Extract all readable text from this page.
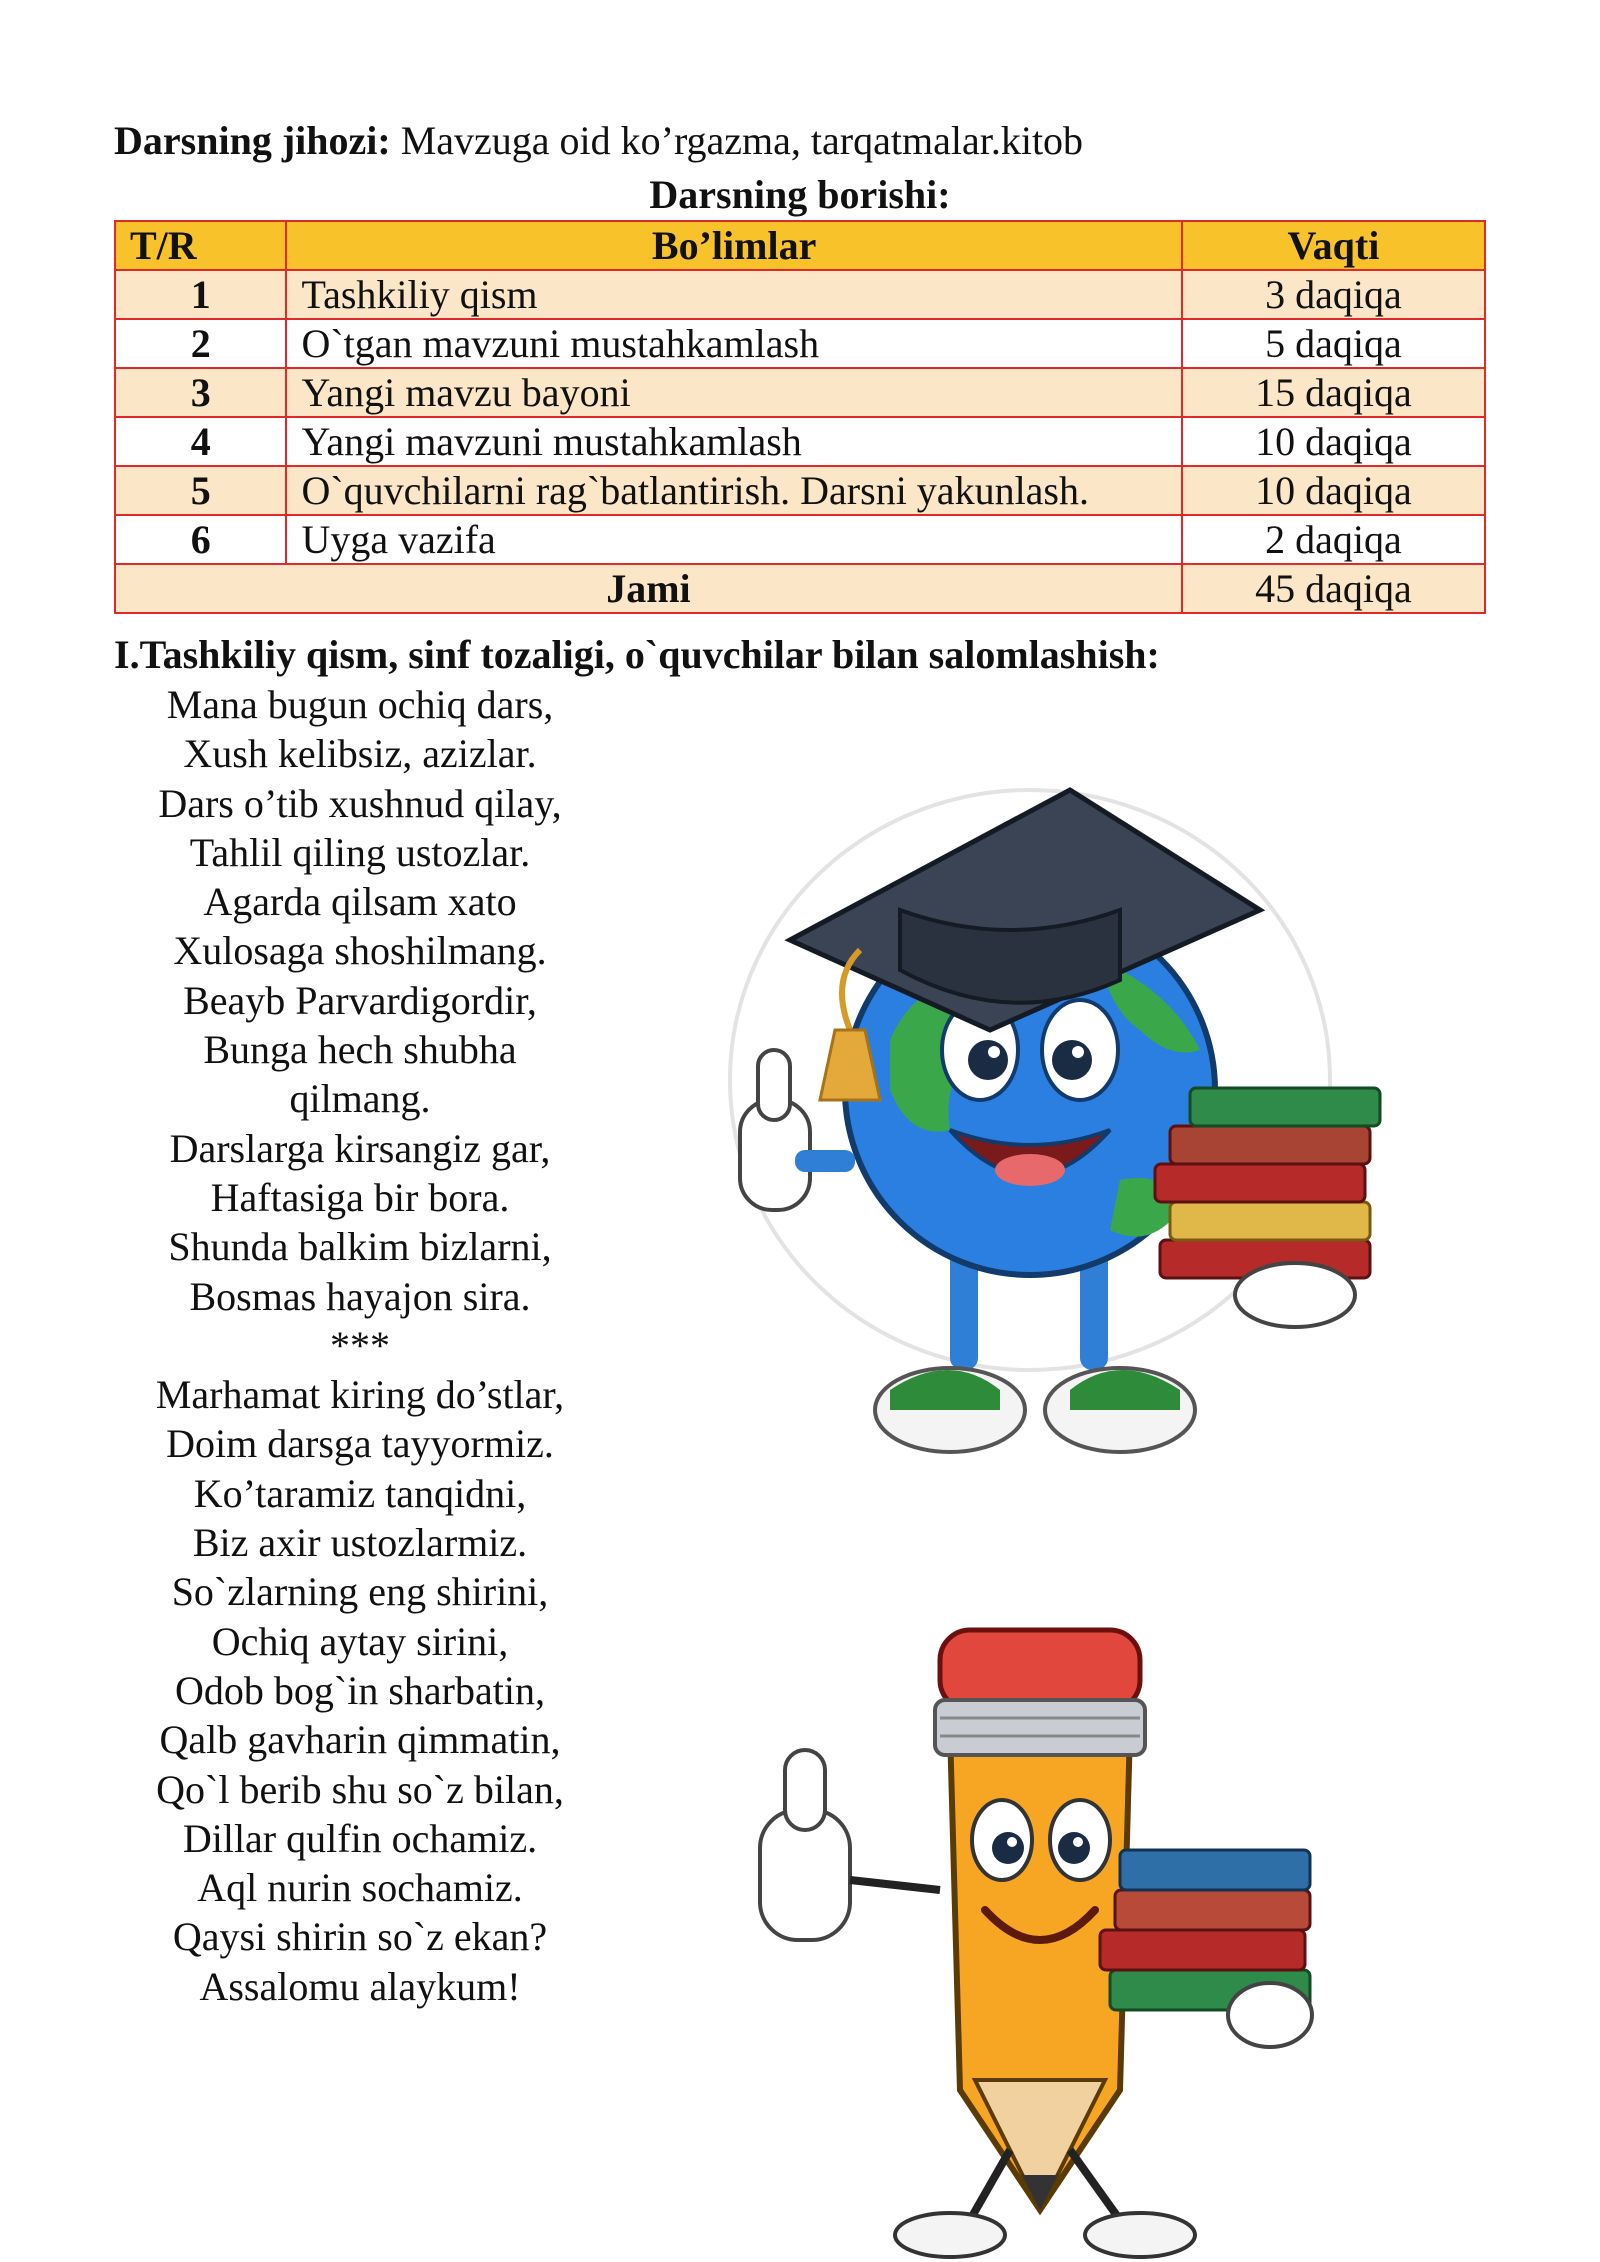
Darsning jihozi: Mavzuga oid ko’rgazma, tarqatmalar.kitob
Darsning borishi:
T/R	Bo’limlar	Vaqti
1	Tashkiliy qism	3 daqiqa
2	O`tgan mavzuni mustahkamlash	5 daqiqa
3	Yangi mavzu bayoni	15 daqiqa
4	Yangi mavzuni mustahkamlash	10 daqiqa
5	O`quvchilarni rag`batlantirish. Darsni yakunlash.	10 daqiqa
6	Uyga vazifa	2 daqiqa
Jami		45 daqiqa
I.Tashkiliy qism, sinf tozaligi, o`quvchilar bilan salomlashish:
Mana bugun ochiq dars,
Xush kelibsiz, azizlar.
Dars o’tib xushnud qilay,
Tahlil qiling ustozlar.
Agarda qilsam xato
Xulosaga shoshilmang.
Beayb Parvardigordir,
Bunga hech shubha
qilmang.
Darslarga kirsangiz gar,
Haftasiga bir bora.
Shunda balkim bizlarni,
Bosmas hayajon sira.
***
Marhamat kiring do’stlar,
Doim darsga tayyormiz.
Ko’taramiz tanqidni,
Biz axir ustozlarmiz.
So`zlarning eng shirini,
Ochiq aytay sirini,
Odob bog`in sharbatin,
Qalb gavharin qimmatin,
Qo`l berib shu so`z bilan,
Dillar qulfin ochamiz.
Aql nurin sochamiz.
Qaysi shirin so`z ekan?
Assalomu alaykum!
